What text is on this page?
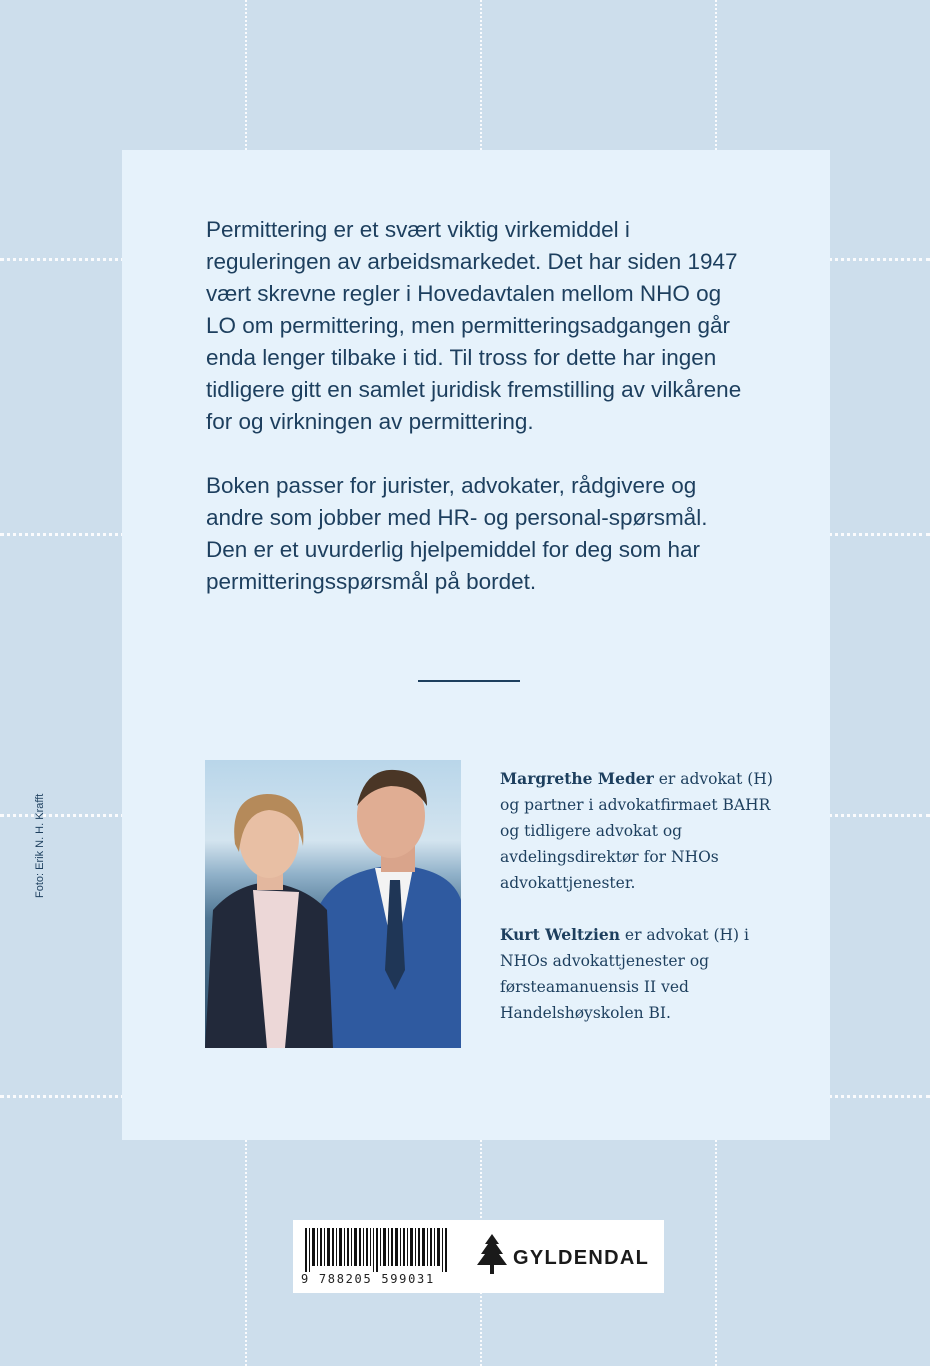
Permittering er et svært viktig virkemiddel i reguleringen av arbeidsmarkedet. Det har siden 1947 vært skrevne regler i Hovedavtalen mellom NHO og LO om permittering, men permitteringsadgangen går enda lenger tilbake i tid. Til tross for dette har ingen tidligere gitt en samlet juridisk fremstilling av vilkårene for og virkningen av permittering.

Boken passer for jurister, advokater, rådgivere og andre som jobber med HR- og personal-spørsmål. Den er et uvurderlig hjelpemiddel for deg som har permitteringsspørsmål på bordet.

Margrethe Meder er advokat (H) og partner i advokatfirmaet BAHR og tidligere advokat og avdelingsdirektør for NHOs advokattjenester.

Kurt Weltzien er advokat (H) i NHOs advokattjenester og førsteamanuensis II ved Handelshøyskolen BI.

Foto: Erik N. H. Krafft
9 788205 599031
GYLDENDAL
